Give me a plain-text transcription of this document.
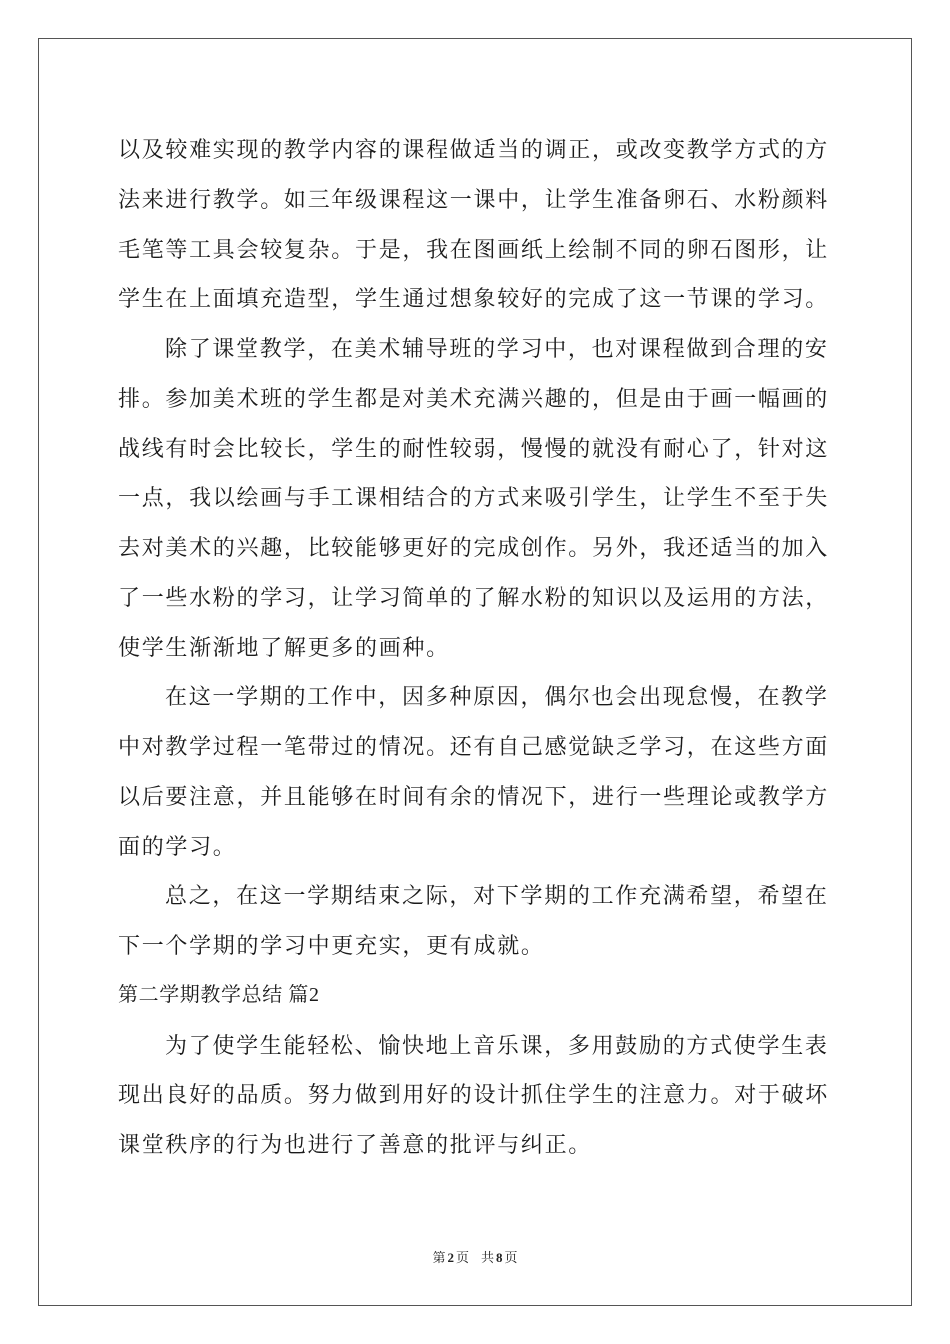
以及较难实现的教学内容的课程做适当的调正，或改变教学方式的方
法来进行教学。如三年级课程这一课中，让学生准备卵石、水粉颜料
毛笔等工具会较复杂。于是，我在图画纸上绘制不同的卵石图形，让
学生在上面填充造型，学生通过想象较好的完成了这一节课的学习。
除了课堂教学，在美术辅导班的学习中，也对课程做到合理的安
排。参加美术班的学生都是对美术充满兴趣的，但是由于画一幅画的
战线有时会比较长，学生的耐性较弱，慢慢的就没有耐心了，针对这
一点，我以绘画与手工课相结合的方式来吸引学生，让学生不至于失
去对美术的兴趣，比较能够更好的完成创作。另外，我还适当的加入
了一些水粉的学习，让学习简单的了解水粉的知识以及运用的方法，
使学生渐渐地了解更多的画种。
在这一学期的工作中，因多种原因，偶尔也会出现怠慢，在教学
中对教学过程一笔带过的情况。还有自己感觉缺乏学习，在这些方面
以后要注意，并且能够在时间有余的情况下，进行一些理论或教学方
面的学习。
总之，在这一学期结束之际，对下学期的工作充满希望，希望在
下一个学期的学习中更充实，更有成就。
第二学期教学总结 篇2
为了使学生能轻松、愉快地上音乐课，多用鼓励的方式使学生表
现出良好的品质。努力做到用好的设计抓住学生的注意力。对于破坏
课堂秩序的行为也进行了善意的批评与纠正。
第 2 页 共 8 页
